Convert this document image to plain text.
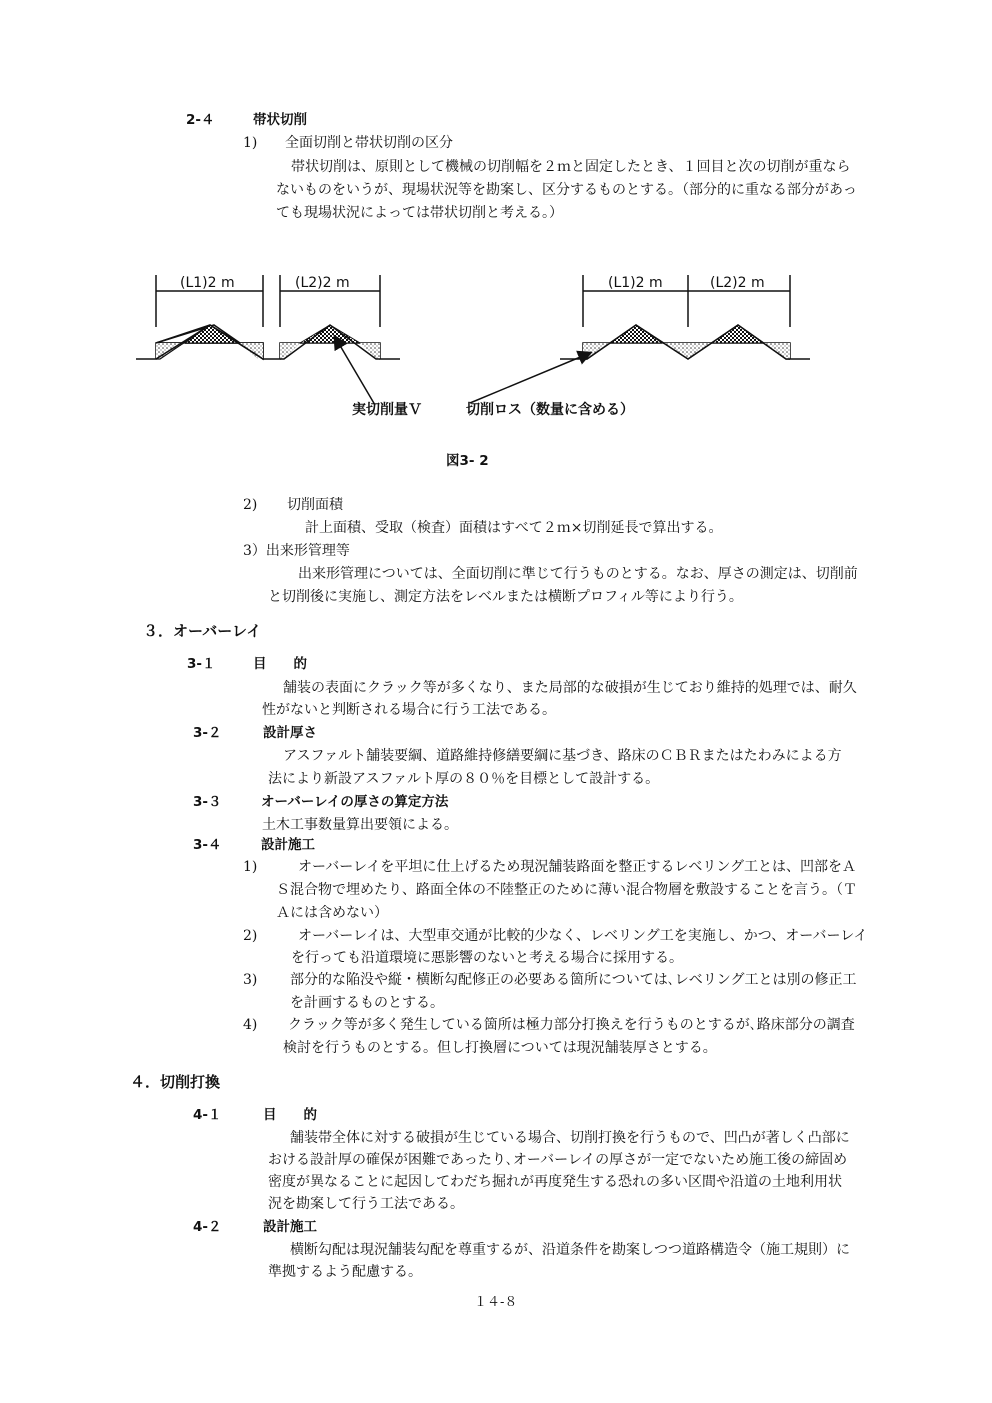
2-４	帯状切削
1) 全面切削と帯状切削の区分
帯状切削は、原則として機械の切削幅を２ｍと固定したとき、１回目と次の切削が重なら
ないものをいうが、現場状況等を勘案し、区分するものとする。（部分的に重なる部分があっ
ても現場状況によっては帯状切削と考える。）
(L1)2 m	(L2)2 m	(L1)2 m	(L2)2 m
実切削量Ｖ	切削ロス（数量に含める）
図3- 2
2) 切削面積
計上面積、受取（検査）面積はすべて２ｍ×切削延長で算出する。
3）出来形管理等
出来形管理については、全面切削に準じて行うものとする。なお、厚さの測定は、切削前
と切削後に実施し、測定方法をレベルまたは横断プロフィル等により行う。
３．オーバーレイ
3-１	目　　的
舗装の表面にクラック等が多くなり、また局部的な破損が生じており維持的処理では、耐久
性がないと判断される場合に行う工法である。
3-２	設計厚さ
アスファルト舗装要綱、道路維持修繕要綱に基づき、路床のＣＢＲまたはたわみによる方
法により新設アスファルト厚の８０％を目標として設計する。
3-３	オーバーレイの厚さの算定方法
土木工事数量算出要領による。
3-４	設計施工
1)	オーバーレイを平坦に仕上げるため現況舗装路面を整正するレベリング工とは、凹部をＡ
Ｓ混合物で埋めたり、路面全体の不陸整正のために薄い混合物層を敷設することを言う。（Ｔ
Ａには含めない）
2)	オーバーレイは、大型車交通が比較的少なく、レベリング工を実施し、かつ、オーバーレイ
を行っても沿道環境に悪影響のないと考える場合に採用する。
3) 部分的な陥没や縦・横断勾配修正の必要ある箇所については､レベリング工とは別の修正工
を計画するものとする。
4) クラック等が多く発生している箇所は極力部分打換えを行うものとするが､路床部分の調査
検討を行うものとする。但し打換層については現況舗装厚さとする。
４．切削打換
4-１	目　　的
舗装帯全体に対する破損が生じている場合、切削打換を行うもので、凹凸が著しく凸部に
おける設計厚の確保が困難であったり､オーバーレイの厚さが一定でないため施工後の締固め
密度が異なることに起因してわだち掘れが再度発生する恐れの多い区間や沿道の土地利用状
況を勘案して行う工法である。
4-２	設計施工
横断勾配は現況舗装勾配を尊重するが、沿道条件を勘案しつつ道路構造令（施工規則）に
準拠するよう配慮する。
１４-８
